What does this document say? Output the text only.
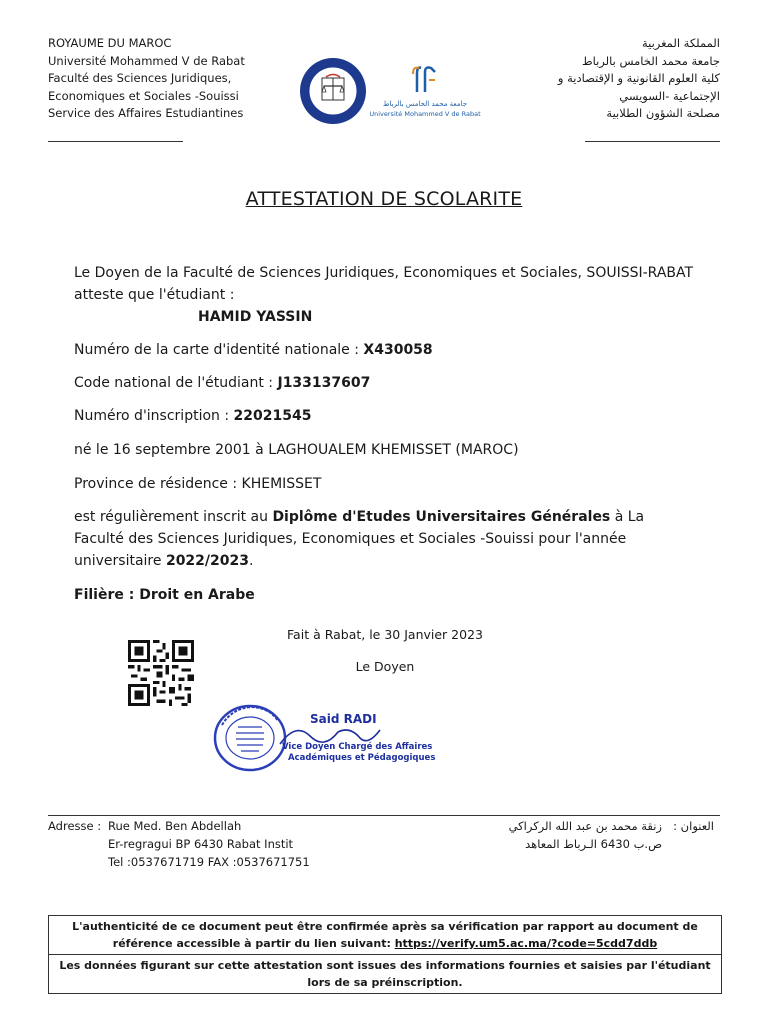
ROYAUME DU MAROC
Université Mohammed V de Rabat
Faculté des Sciences Juridiques,
Economiques et Sociales -Souissi
Service des Affaires Estudiantines
المملكة المغربية
جامعة محمد الخامس بالرباط
كلية العلوم القانونية و الإقتصادية و
الإجتماعية -السويسي
مصلحة الشؤون الطلابية
جامعة محمد الخامس بالرباط
Université Mohammed V de Rabat
ATTESTATION DE SCOLARITE
Le Doyen de la Faculté de Sciences Juridiques, Economiques et Sociales, SOUISSI-RABAT atteste que l'étudiant :
HAMID YASSIN
Numéro de la carte d'identité nationale : X430058
Code national de l'étudiant : J133137607
Numéro d'inscription : 22021545
né le 16 septembre 2001 à LAGHOUALEM KHEMISSET (MAROC)
Province de résidence : KHEMISSET
est régulièrement inscrit au Diplôme d'Etudes Universitaires Générales à La Faculté des Sciences Juridiques, Economiques et Sociales -Souissi pour l'année universitaire 2022/2023.
Filière : Droit en Arabe
Fait à Rabat, le 30 Janvier 2023
Le Doyen
Said RADI
Vice Doyen Chargé des Affaires
Académiques et Pédagogiques
Adresse : Rue Med. Ben Abdellah
Er-regragui BP 6430 Rabat Instit
Tel :0537671719 FAX :0537671751
العنوان :
زنقة محمد بن عبد الله الركراكي
ص.ب 6430 الـرباط المعاهد
L'authenticité de ce document peut être confirmée après sa vérification par rapport au document de référence accessible à partir du lien suivant: https://verify.um5.ac.ma/?code=5cdd7ddb
Les données figurant sur cette attestation sont issues des informations fournies et saisies par l'étudiant lors de sa préinscription.
